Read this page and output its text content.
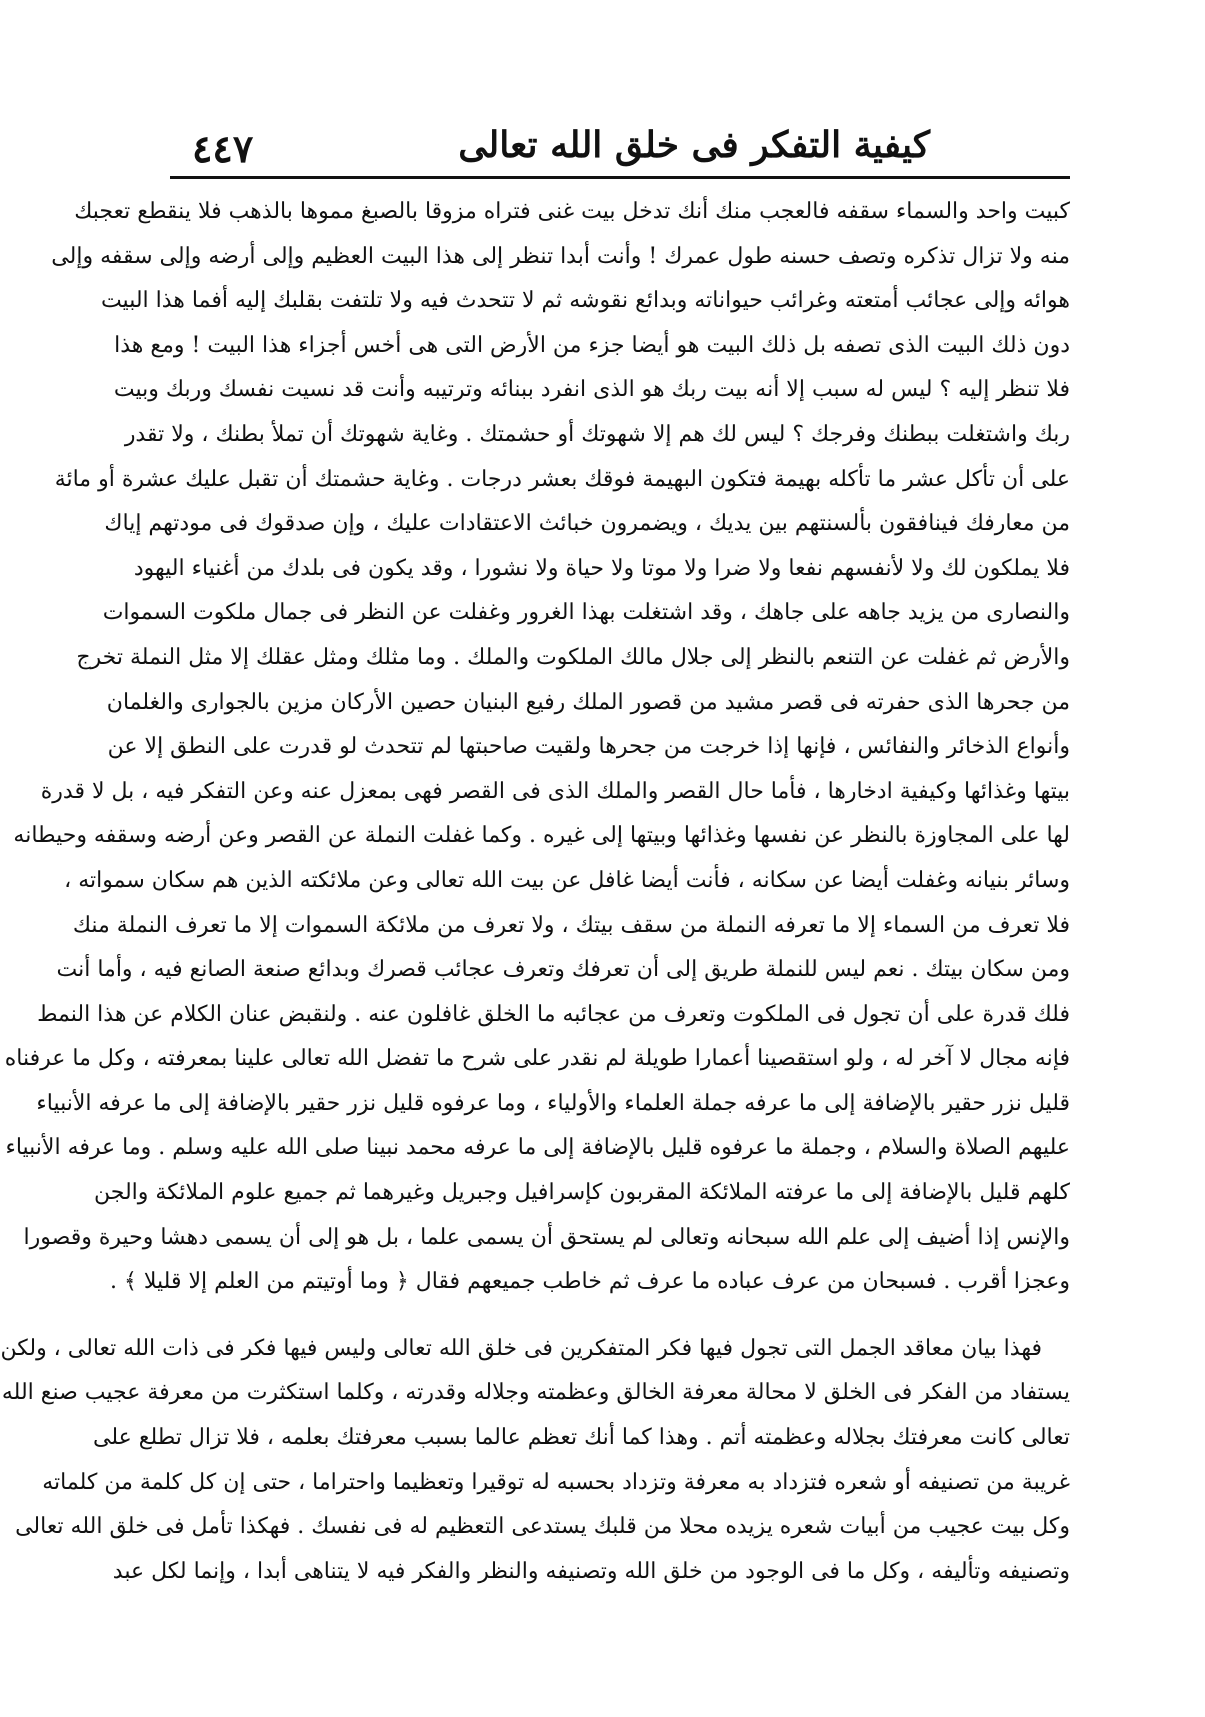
٤٤٧	كيفية التفكر فى خلق الله تعالى

كبيت واحد والسماء سقفه فالعجب منك أنك تدخل بيت غنى فتراه مزوقا بالصبغ مموها بالذهب فلا ينقطع تعجبك
منه ولا تزال تذكره وتصف حسنه طول عمرك ! وأنت أبدا تنظر إلى هذا البيت العظيم وإلى أرضه وإلى سقفه وإلى
هوائه وإلى عجائب أمتعته وغرائب حيواناته وبدائع نقوشه ثم لا تتحدث فيه ولا تلتفت بقلبك إليه أفما هذا البيت
دون ذلك البيت الذى تصفه بل ذلك البيت هو أيضا جزء من الأرض التى هى أخس أجزاء هذا البيت ! ومع هذا
فلا تنظر إليه ؟ ليس له سبب إلا أنه بيت ربك هو الذى انفرد ببنائه وترتيبه وأنت قد نسيت نفسك وربك وبيت
ربك واشتغلت ببطنك وفرجك ؟ ليس لك هم إلا شهوتك أو حشمتك . وغاية شهوتك أن تملأ بطنك ، ولا تقدر
على أن تأكل عشر ما تأكله بهيمة فتكون البهيمة فوقك بعشر درجات . وغاية حشمتك أن تقبل عليك عشرة أو مائة
من معارفك فينافقون بألسنتهم بين يديك ، ويضمرون خبائث الاعتقادات عليك ، وإن صدقوك فى مودتهم إياك
فلا يملكون لك ولا لأنفسهم نفعا ولا ضرا ولا موتا ولا حياة ولا نشورا ، وقد يكون فى بلدك من أغنياء اليهود
والنصارى من يزيد جاهه على جاهك ، وقد اشتغلت بهذا الغرور وغفلت عن النظر فى جمال ملكوت السموات
والأرض ثم غفلت عن التنعم بالنظر إلى جلال مالك الملكوت والملك . وما مثلك ومثل عقلك إلا مثل النملة تخرج
من جحرها الذى حفرته فى قصر مشيد من قصور الملك رفيع البنيان حصين الأركان مزين بالجوارى والغلمان
وأنواع الذخائر والنفائس ، فإنها إذا خرجت من جحرها ولقيت صاحبتها لم تتحدث لو قدرت على النطق إلا عن
بيتها وغذائها وكيفية ادخارها ، فأما حال القصر والملك الذى فى القصر فهى بمعزل عنه وعن التفكر فيه ، بل لا قدرة
لها على المجاوزة بالنظر عن نفسها وغذائها وبيتها إلى غيره . وكما غفلت النملة عن القصر وعن أرضه وسقفه وحيطانه
وسائر بنيانه وغفلت أيضا عن سكانه ، فأنت أيضا غافل عن بيت الله تعالى وعن ملائكته الذين هم سكان سمواته ،
فلا تعرف من السماء إلا ما تعرفه النملة من سقف بيتك ، ولا تعرف من ملائكة السموات إلا ما تعرف النملة منك
ومن سكان بيتك . نعم ليس للنملة طريق إلى أن تعرفك وتعرف عجائب قصرك وبدائع صنعة الصانع فيه ، وأما أنت
فلك قدرة على أن تجول فى الملكوت وتعرف من عجائبه ما الخلق غافلون عنه . ولنقبض عنان الكلام عن هذا النمط
فإنه مجال لا آخر له ، ولو استقصينا أعمارا طويلة لم نقدر على شرح ما تفضل الله تعالى علينا بمعرفته ، وكل ما عرفناه
قليل نزر حقير بالإضافة إلى ما عرفه جملة العلماء والأولياء ، وما عرفوه قليل نزر حقير بالإضافة إلى ما عرفه الأنبياء
عليهم الصلاة والسلام ، وجملة ما عرفوه قليل بالإضافة إلى ما عرفه محمد نبينا صلى الله عليه وسلم . وما عرفه الأنبياء
كلهم قليل بالإضافة إلى ما عرفته الملائكة المقربون كإسرافيل وجبريل وغيرهما ثم جميع علوم الملائكة والجن
والإنس إذا أضيف إلى علم الله سبحانه وتعالى لم يستحق أن يسمى علما ، بل هو إلى أن يسمى دهشا وحيرة وقصورا
وعجزا أقرب . فسبحان من عرف عباده ما عرف ثم خاطب جميعهم فقال ﴿ وما أوتيتم من العلم إلا قليلا ﴾ .

فهذا بيان معاقد الجمل التى تجول فيها فكر المتفكرين فى خلق الله تعالى وليس فيها فكر فى ذات الله تعالى ، ولكن
يستفاد من الفكر فى الخلق لا محالة معرفة الخالق وعظمته وجلاله وقدرته ، وكلما استكثرت من معرفة عجيب صنع الله
تعالى كانت معرفتك بجلاله وعظمته أتم . وهذا كما أنك تعظم عالما بسبب معرفتك بعلمه ، فلا تزال تطلع على
غريبة من تصنيفه أو شعره فتزداد به معرفة وتزداد بحسبه له توقيرا وتعظيما واحتراما ، حتى إن كل كلمة من كلماته
وكل بيت عجيب من أبيات شعره يزيده محلا من قلبك يستدعى التعظيم له فى نفسك . فهكذا تأمل فى خلق الله تعالى
وتصنيفه وتأليفه ، وكل ما فى الوجود من خلق الله وتصنيفه والنظر والفكر فيه لا يتناهى أبدا ، وإنما لكل عبد
